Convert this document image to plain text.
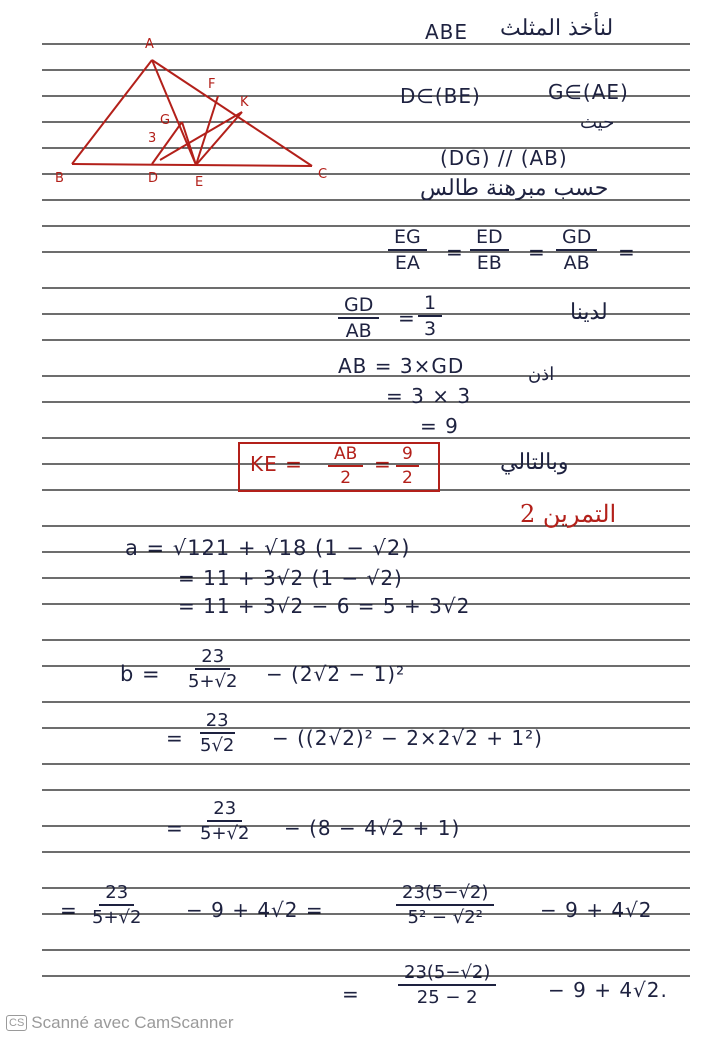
A
B	C
D	E
F
G
K
3
ABE لنأخذ المثلث
D∈(BE)	G∈(AE)
حيث
(DG) // (AB)
حسب مبرهنة طالس
$\frac{EG}{EA} = \frac{ED}{EB} = \frac{GD}{AB}$ =
$\frac{GD}{AB} = \frac{1}{3}$	لدينا
AB = 3×GD	اذن
= 3 × 3
= 9
KE = $\frac{AB}{2} = \frac{9}{2}$	وبالتالي
التمرين 2
a = √121 + √18 (1 − √2)
= 11 + 3√2 (1 − √2)
= 11 + 3√2 − 6 = 5 + 3√2
$b = \frac{23}{5+√2} - (2√2 - 1)^2$
= $\frac{23}{5√2} - ((2√2)^2 - 2\times 2√2 + 1^2)$
= $\frac{23}{5+√2} - (8 - 4√2 + 1)$
= $\frac{23}{5+√2} - 9 + 4√2$ =	$\frac{23(5-√2)}{\text{5² − √2²}} - 9 + 4√2$
= $\frac{23(5-√2)}{25 - 2}$	− 9 + 4√2.
CS Scanné avec CamScanner
